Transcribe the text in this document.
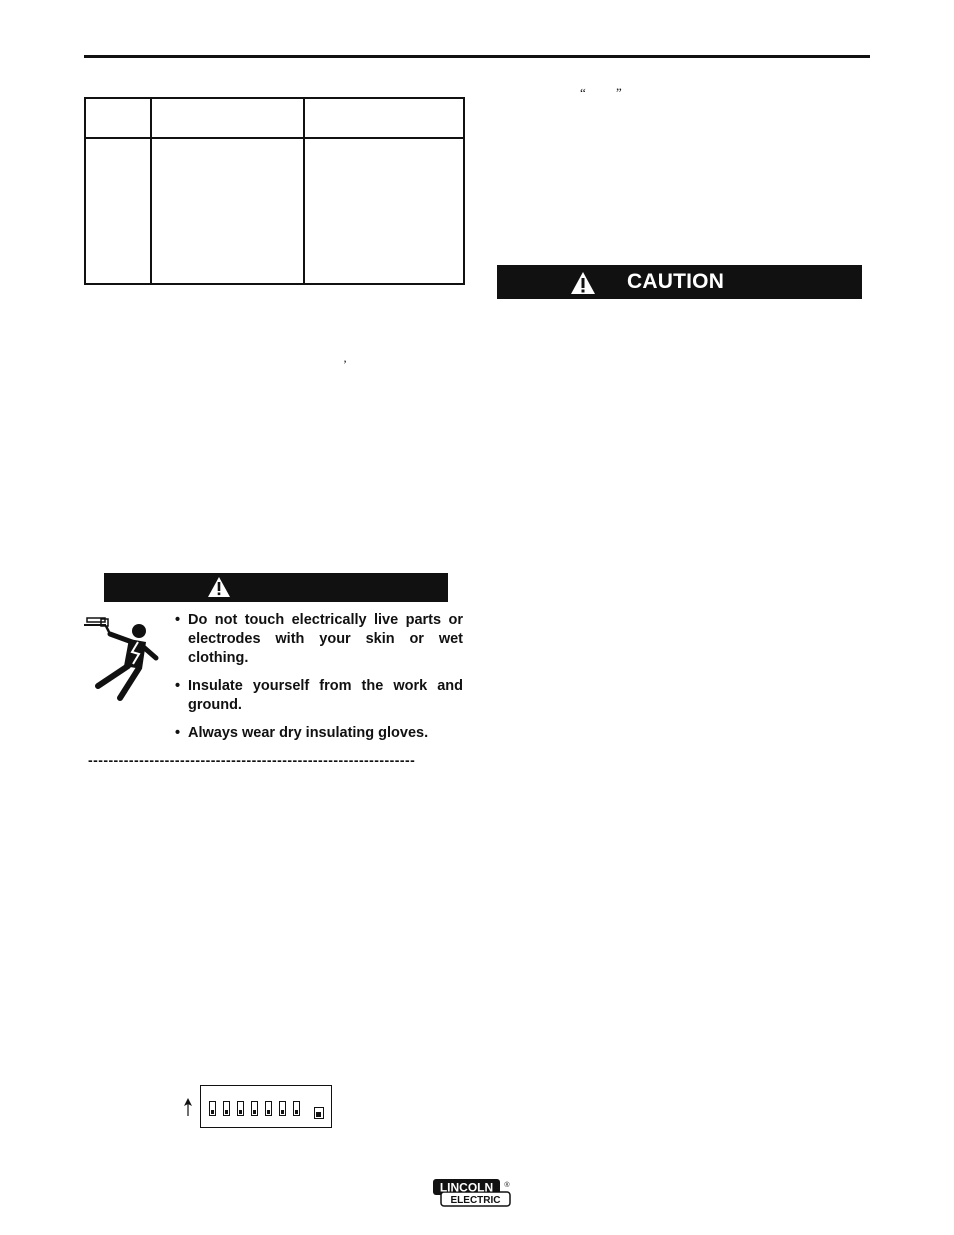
“ ”
’
CAUTION
• Do not touch electrically live parts or electrodes with your skin or wet clothing.
• Insulate yourself from the work and ground.
• Always wear dry insulating gloves.
----------------------------------------------------------------
LINCOLN
ELECTRIC
®
